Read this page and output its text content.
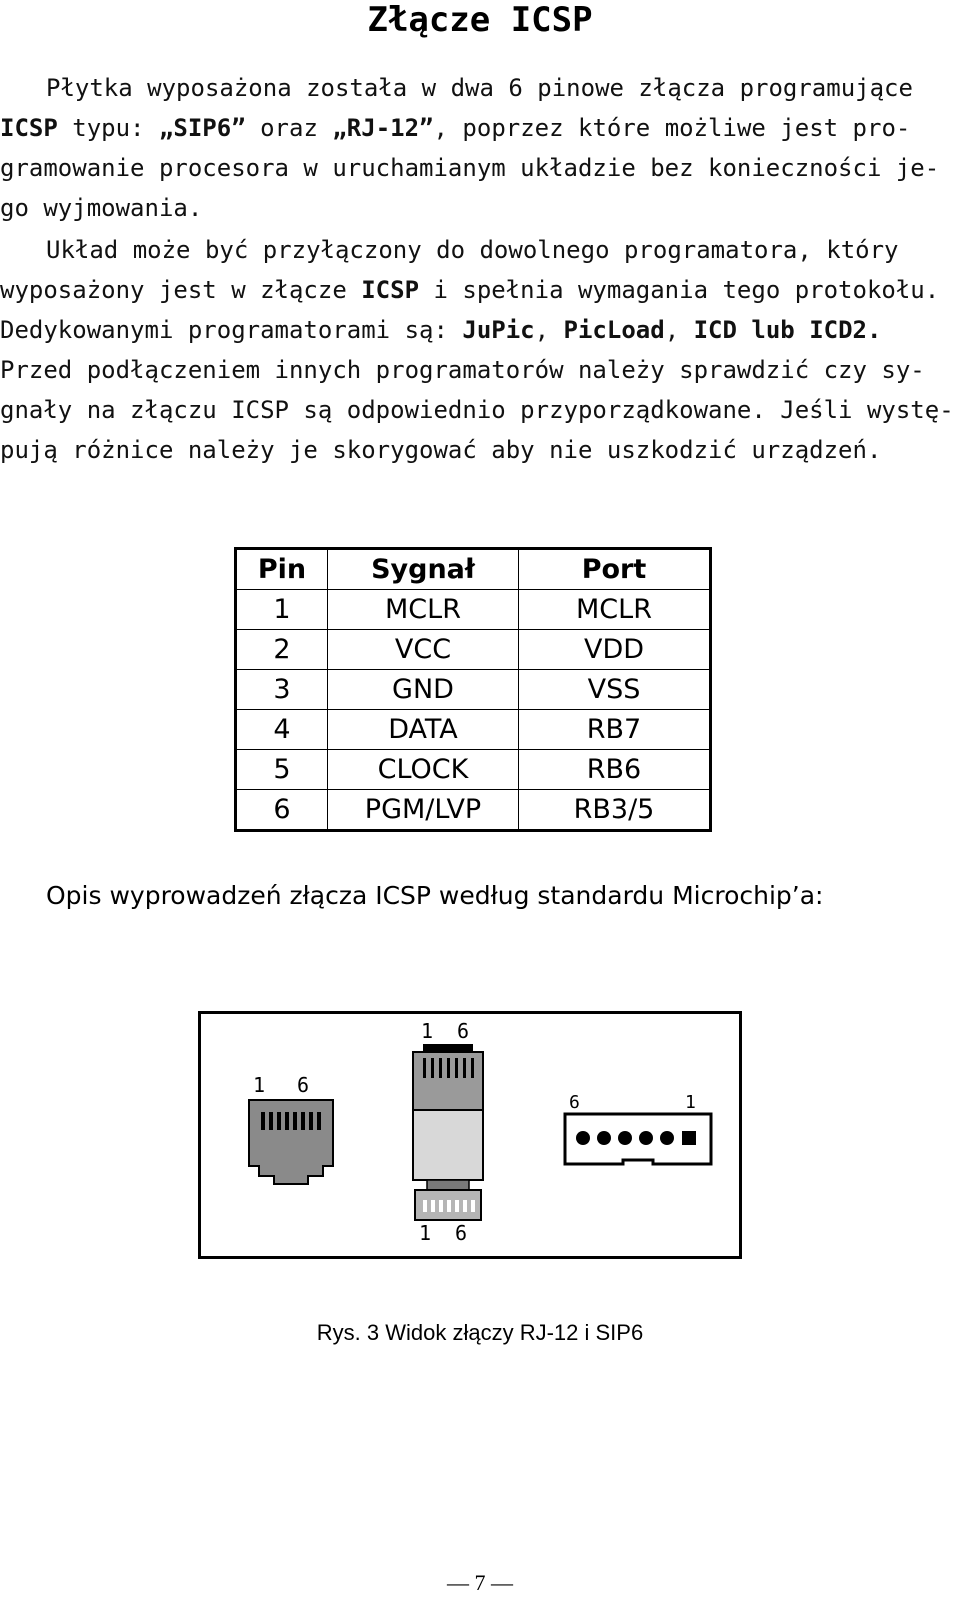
Złącze ICSP
Płytka wyposażona została w dwa 6 pinowe złącza programujące
ICSP typu: „SIP6” oraz „RJ-12”, poprzez które możliwe jest pro-
gramowanie procesora w uruchamianym układzie bez konieczności je-
go wyjmowania.
Układ może być przyłączony do dowolnego programatora, który
wyposażony jest w złącze ICSP i spełnia wymagania tego protokołu.
Dedykowanymi programatorami są: JuPic, PicLoad, ICD lub ICD2.
Przed podłączeniem innych programatorów należy sprawdzić czy sy-
gnały na złączu ICSP są odpowiednio przyporządkowane. Jeśli wystę-
pują różnice należy je skorygować aby nie uszkodzić urządzeń.
Pin	Sygnał	Port
1	MCLR	MCLR
2	VCC	VDD
3	GND	VSS
4	DATA	RB7
5	CLOCK	RB6
6	PGM/LVP	RB3/5
Opis wyprowadzeń złącza ICSP według standardu Microchip’a:
1 6
1 6
1 6
6	1
Rys. 3 Widok złączy RJ-12 i SIP6
— 7 —
